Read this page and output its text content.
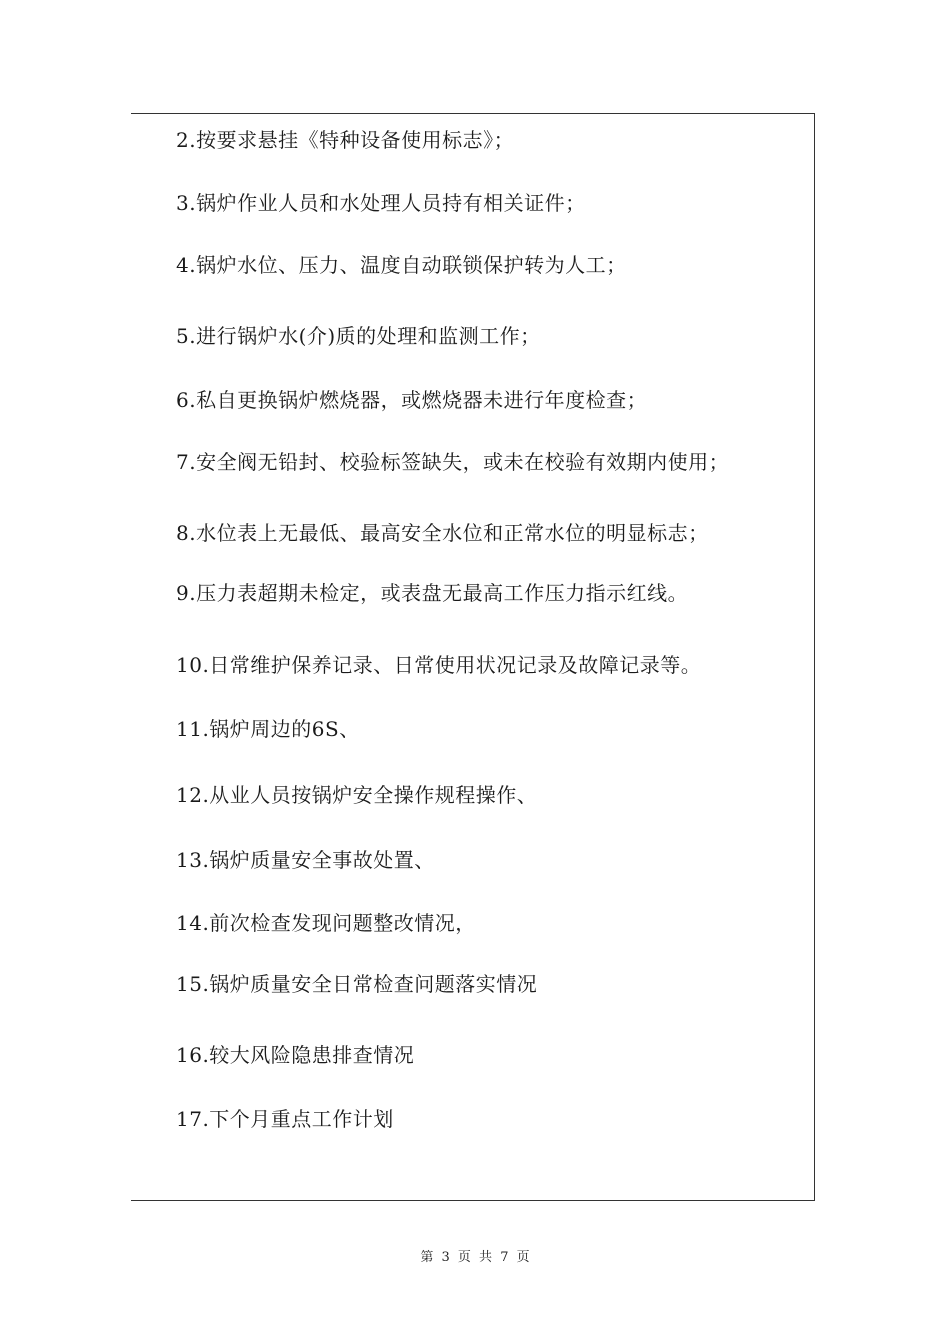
2.按要求悬挂《特种设备使用标志》；
3.锅炉作业人员和水处理人员持有相关证件；
4.锅炉水位、压力、温度自动联锁保护转为人工；
5.进行锅炉水(介)质的处理和监测工作；
6.私自更换锅炉燃烧器，或燃烧器未进行年度检查；
7.安全阀无铅封、校验标签缺失，或未在校验有效期内使用；
8.水位表上无最低、最高安全水位和正常水位的明显标志；
9.压力表超期未检定，或表盘无最高工作压力指示红线。
10.日常维护保养记录、日常使用状况记录及故障记录等。
11.锅炉周边的6S、
12.从业人员按锅炉安全操作规程操作、
13.锅炉质量安全事故处置、
14.前次检查发现问题整改情况，
15.锅炉质量安全日常检查问题落实情况
16.较大风险隐患排查情况
17.下个月重点工作计划
第 3 页 共 7 页
